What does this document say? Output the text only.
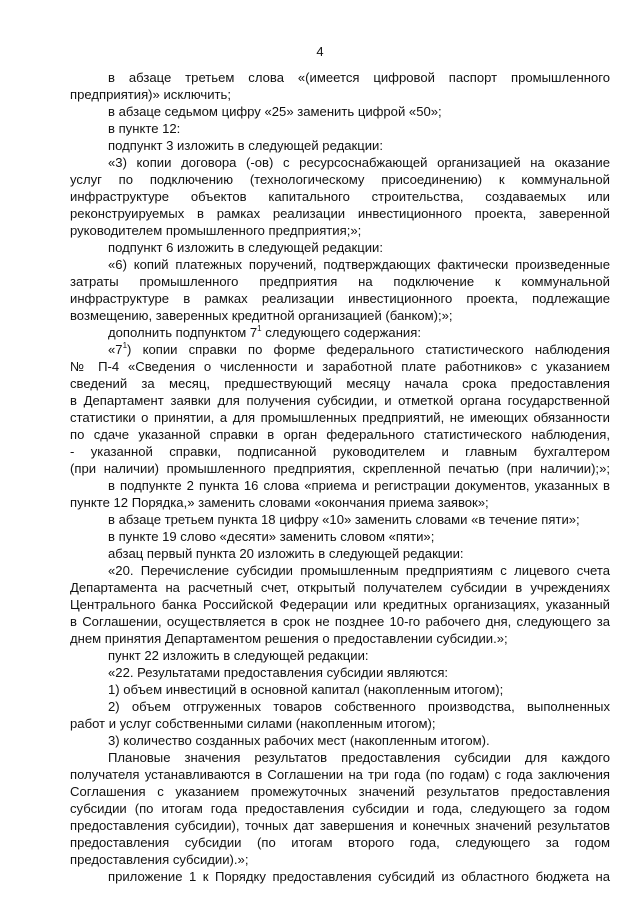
4
в абзаце третьем слова «(имеется цифровой паспорт промышленного
предприятия)» исключить;
в абзаце седьмом цифру «25» заменить цифрой «50»;
в пункте 12:
подпункт 3 изложить в следующей редакции:
«3) копии договора (-ов) с ресурсоснабжающей организацией на оказание
услуг по подключению (технологическому присоединению) к коммунальной
инфраструктуре объектов капитального строительства, создаваемых или
реконструируемых в рамках реализации инвестиционного проекта, заверенной
руководителем промышленного предприятия;»;
подпункт 6 изложить в следующей редакции:
«6) копий платежных поручений, подтверждающих фактически произведенные
затраты промышленного предприятия на подключение к коммунальной
инфраструктуре в рамках реализации инвестиционного проекта, подлежащие
возмещению, заверенных кредитной организацией (банком);»;
дополнить подпунктом $7^1$ следующего содержания:
«$7^1$) копии справки по форме федерального статистического наблюдения
№ П-4 «Сведения о численности и заработной плате работников» с указанием
сведений за месяц, предшествующий месяцу начала срока предоставления
в Департамент заявки для получения субсидии, и отметкой органа государственной
статистики о принятии, а для промышленных предприятий, не имеющих обязанности
по сдаче указанной справки в орган федерального статистического наблюдения,
- указанной справки, подписанной руководителем и главным бухгалтером
(при наличии) промышленного предприятия, скрепленной печатью (при наличии);»;
в подпункте 2 пункта 16 слова «приема и регистрации документов, указанных в
пункте 12 Порядка,» заменить словами «окончания приема заявок»;
в абзаце третьем пункта 18 цифру «10» заменить словами «в течение пяти»;
в пункте 19 слово «десяти» заменить словом «пяти»;
абзац первый пункта 20 изложить в следующей редакции:
«20. Перечисление субсидии промышленным предприятиям с лицевого счета
Департамента на расчетный счет, открытый получателем субсидии в учреждениях
Центрального банка Российской Федерации или кредитных организациях, указанный
в Соглашении, осуществляется в срок не позднее 10-го рабочего дня, следующего за
днем принятия Департаментом решения о предоставлении субсидии.»;
пункт 22 изложить в следующей редакции:
«22. Результатами предоставления субсидии являются:
1) объем инвестиций в основной капитал (накопленным итогом);
2) объем отгруженных товаров собственного производства, выполненных
работ и услуг собственными силами (накопленным итогом);
3) количество созданных рабочих мест (накопленным итогом).
Плановые значения результатов предоставления субсидии для каждого
получателя устанавливаются в Соглашении на три года (по годам) с года заключения
Соглашения с указанием промежуточных значений результатов предоставления
субсидии (по итогам года предоставления субсидии и года, следующего за годом
предоставления субсидии), точных дат завершения и конечных значений результатов
предоставления субсидии (по итогам второго года, следующего за годом
предоставления субсидии).»;
приложение 1 к Порядку предоставления субсидий из областного бюджета на
